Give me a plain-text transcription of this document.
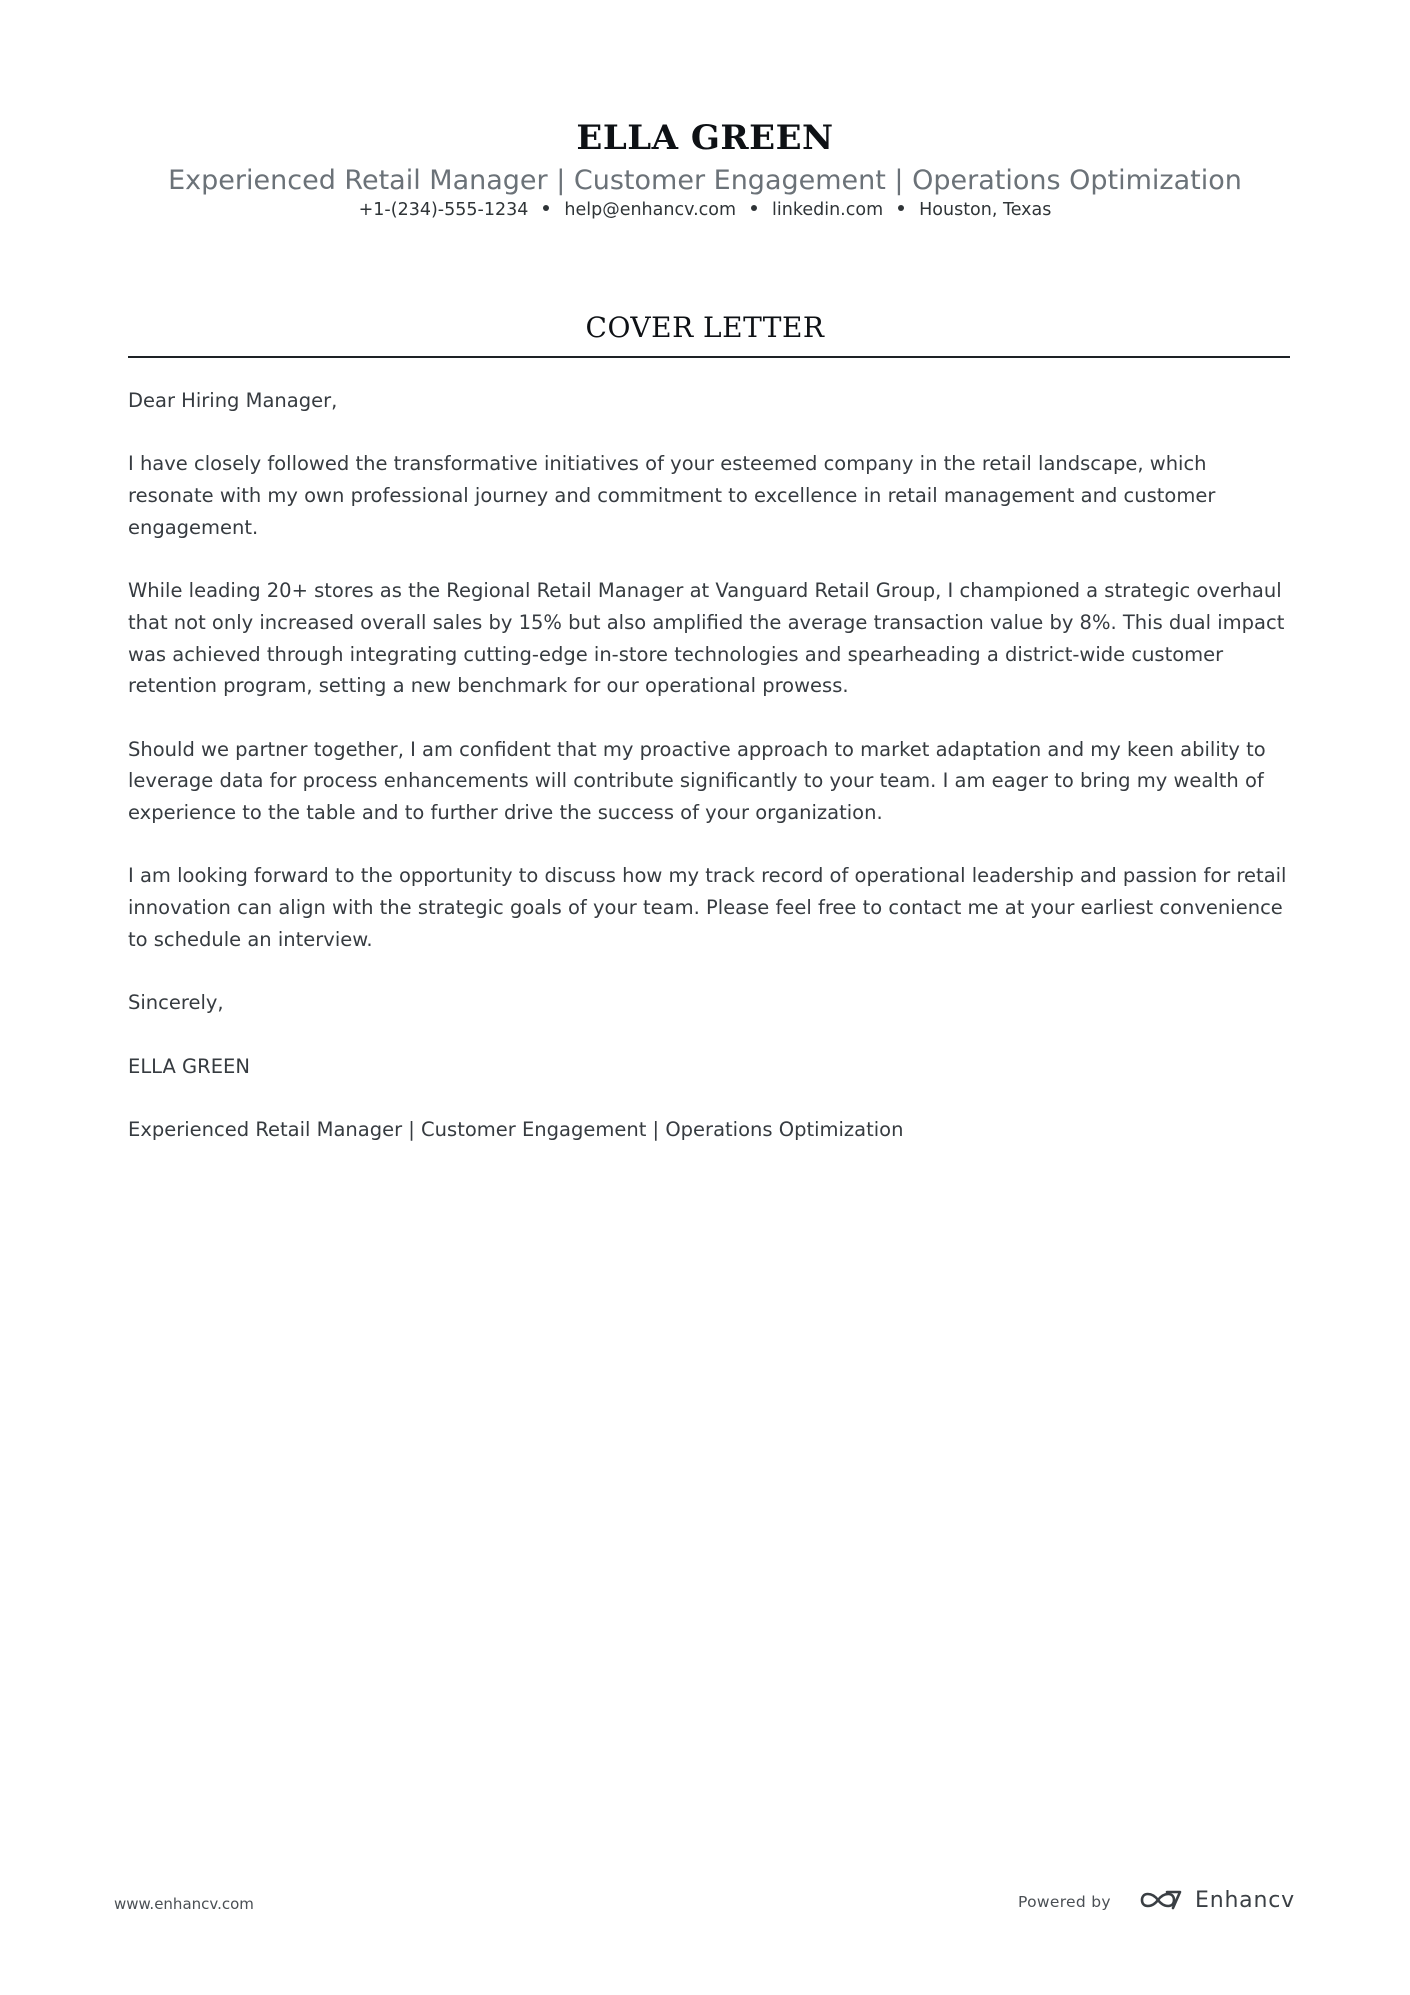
ELLA GREEN
Experienced Retail Manager | Customer Engagement | Operations Optimization
+1-(234)-555-1234 help@enhancv.com linkedin.com Houston, Texas
COVER LETTER

Dear Hiring Manager,

I have closely followed the transformative initiatives of your esteemed company in the retail landscape, which resonate with my own professional journey and commitment to excellence in retail management and customer engagement.

While leading 20+ stores as the Regional Retail Manager at Vanguard Retail Group, I championed a strategic overhaul that not only increased overall sales by 15% but also amplified the average transaction value by 8%. This dual impact was achieved through integrating cutting-edge in-store technologies and spearheading a district-wide customer retention program, setting a new benchmark for our operational prowess.

Should we partner together, I am confident that my proactive approach to market adaptation and my keen ability to leverage data for process enhancements will contribute significantly to your team. I am eager to bring my wealth of experience to the table and to further drive the success of your organization.

I am looking forward to the opportunity to discuss how my track record of operational leadership and passion for retail innovation can align with the strategic goals of your team. Please feel free to contact me at your earliest convenience to schedule an interview.

Sincerely,

ELLA GREEN

Experienced Retail Manager | Customer Engagement | Operations Optimization

www.enhancv.com	Powered by	Enhancv
